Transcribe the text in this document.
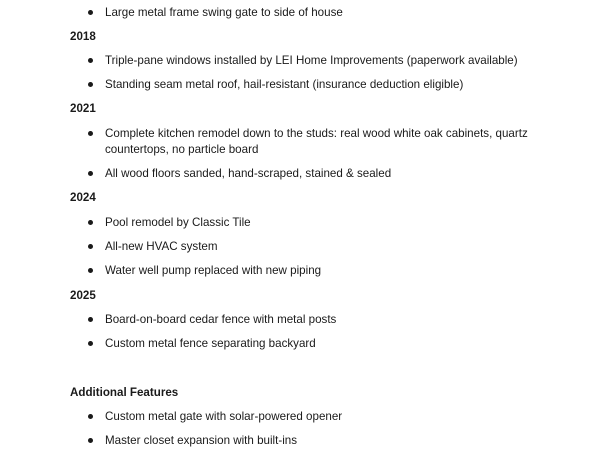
Large metal frame swing gate to side of house
2018
Triple-pane windows installed by LEI Home Improvements (paperwork available)
Standing seam metal roof, hail-resistant (insurance deduction eligible)
2021
Complete kitchen remodel down to the studs: real wood white oak cabinets, quartz countertops, no particle board
All wood floors sanded, hand-scraped, stained & sealed
2024
Pool remodel by Classic Tile
All-new HVAC system
Water well pump replaced with new piping
2025
Board-on-board cedar fence with metal posts
Custom metal fence separating backyard
Additional Features
Custom metal gate with solar-powered opener
Master closet expansion with built-ins
